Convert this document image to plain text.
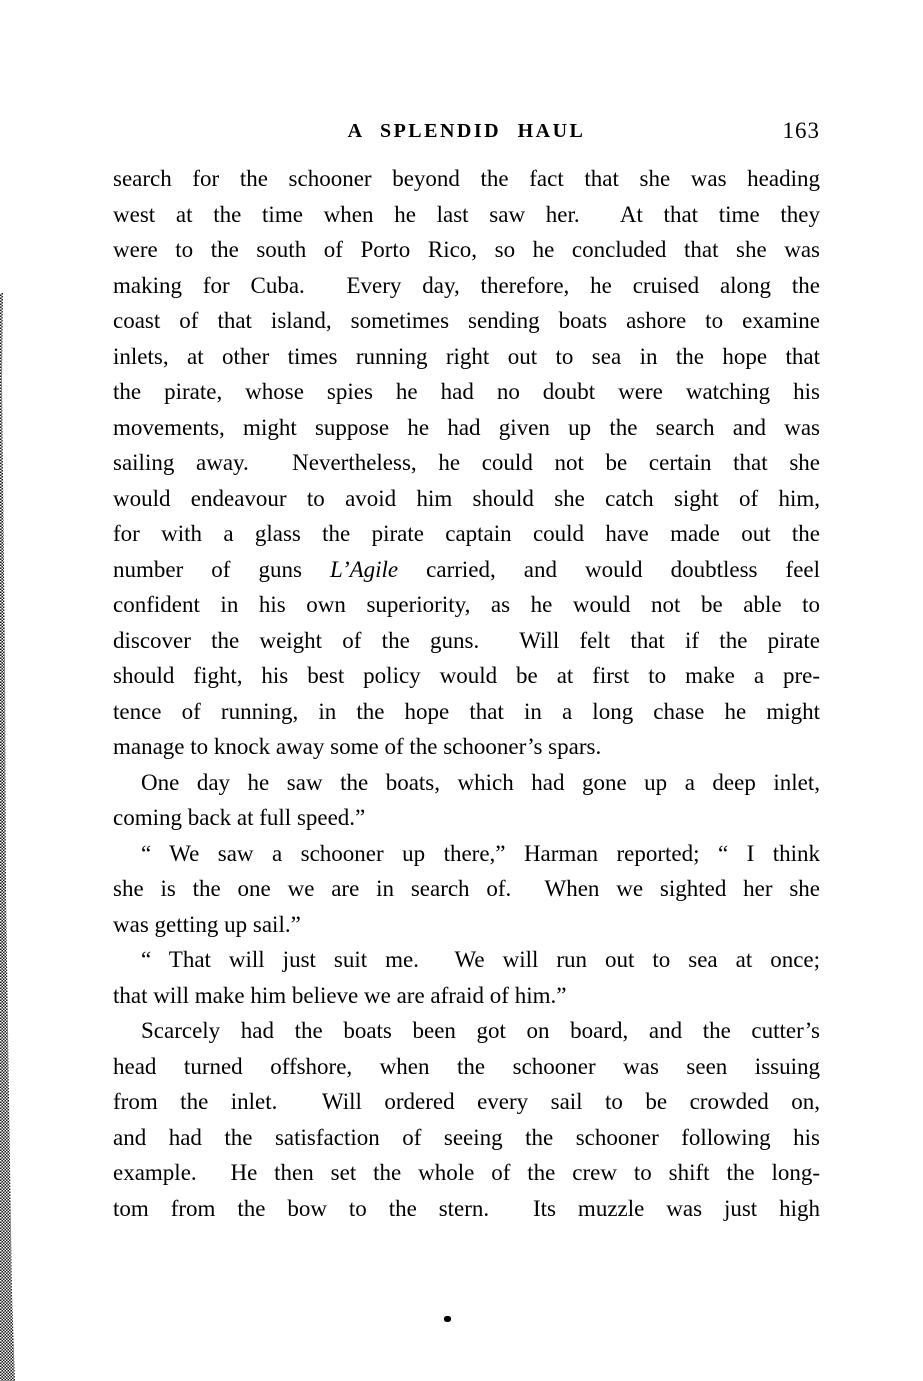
A SPLENDID HAUL	163
search for the schooner beyond the fact that she was heading
west at the time when he last saw her.  At that time they
were to the south of Porto Rico, so he concluded that she was
making for Cuba.  Every day, therefore, he cruised along the
coast of that island, sometimes sending boats ashore to examine
inlets, at other times running right out to sea in the hope that
the pirate, whose spies he had no doubt were watching his
movements, might suppose he had given up the search and was
sailing away.  Nevertheless, he could not be certain that she
would endeavour to avoid him should she catch sight of him,
for with a glass the pirate captain could have made out the
number of guns L’Agile carried, and would doubtless feel
confident in his own superiority, as he would not be able to
discover the weight of the guns.  Will felt that if the pirate
should fight, his best policy would be at first to make a pre-
tence of running, in the hope that in a long chase he might
manage to knock away some of the schooner’s spars.
One day he saw the boats, which had gone up a deep inlet,
coming back at full speed.”
“ We saw a schooner up there,” Harman reported; “ I think
she is the one we are in search of.  When we sighted her she
was getting up sail.”
“ That will just suit me.  We will run out to sea at once;
that will make him believe we are afraid of him.”
Scarcely had the boats been got on board, and the cutter’s
head turned offshore, when the schooner was seen issuing
from the inlet.  Will ordered every sail to be crowded on,
and had the satisfaction of seeing the schooner following his
example.  He then set the whole of the crew to shift the long-
tom from the bow to the stern.  Its muzzle was just high
